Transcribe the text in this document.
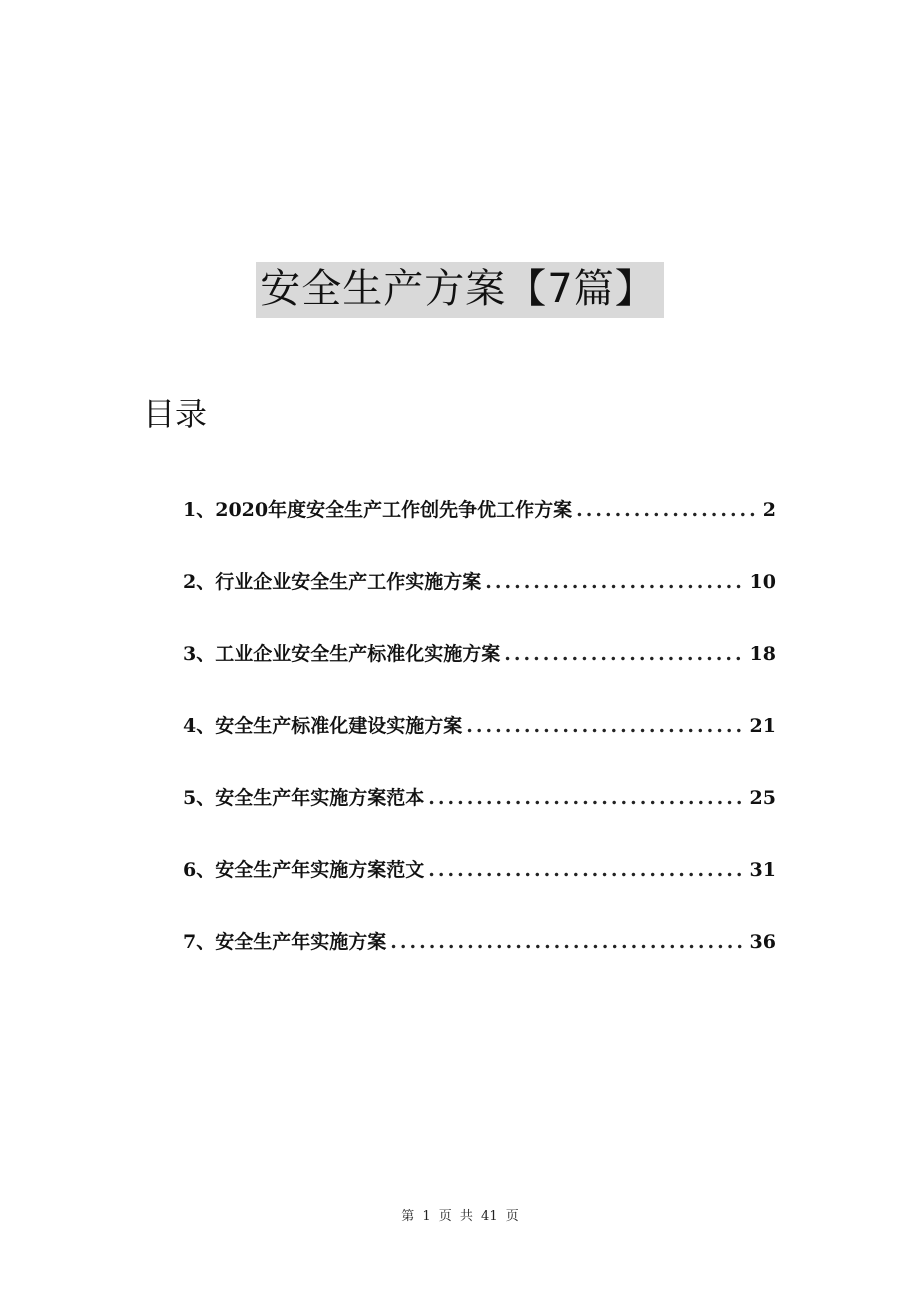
安全生产方案【7篇】
目录
1、2020年度安全生产工作创先争优工作方案 .....	2
2、行业企业安全生产工作实施方案 .....	10
3、工业企业安全生产标准化实施方案 .....	18
4、安全生产标准化建设实施方案 .....	21
5、安全生产年实施方案范本 .....	25
6、安全生产年实施方案范文 .....	31
7、安全生产年实施方案 .....	36
第 1 页 共 41 页
